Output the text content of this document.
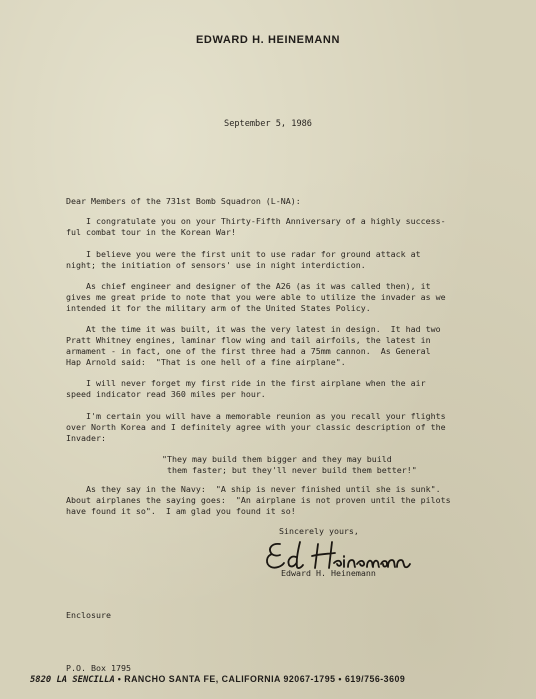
EDWARD H. HEINEMANN
September 5, 1986
Dear Members of the 731st Bomb Squadron (L-NA):
I congratulate you on your Thirty-Fifth Anniversary of a highly success-
ful combat tour in the Korean War!
I believe you were the first unit to use radar for ground attack at
night; the initiation of sensors' use in night interdiction.
As chief engineer and designer of the A26 (as it was called then), it
gives me great pride to note that you were able to utilize the invader as we
intended it for the military arm of the United States Policy.
At the time it was built, it was the very latest in design.  It had two
Pratt Whitney engines, laminar flow wing and tail airfoils, the latest in
armament - in fact, one of the first three had a 75mm cannon.  As General
Hap Arnold said:  "That is one hell of a fine airplane".
I will never forget my first ride in the first airplane when the air
speed indicator read 360 miles per hour.
I'm certain you will have a memorable reunion as you recall your flights
over North Korea and I definitely agree with your classic description of the
Invader:
"They may build them bigger and they may build
them faster; but they'll never build them better!"
As they say in the Navy:  "A ship is never finished until she is sunk".
About airplanes the saying goes:  "An airplane is not proven until the pilots
have found it so".  I am glad you found it so!
Sincerely yours,
Edward H. Heinemann
Enclosure
P.O. Box 1795
5820 LA SENCILLA • RANCHO SANTA FE, CALIFORNIA 92067-1795 • 619/756-3609
